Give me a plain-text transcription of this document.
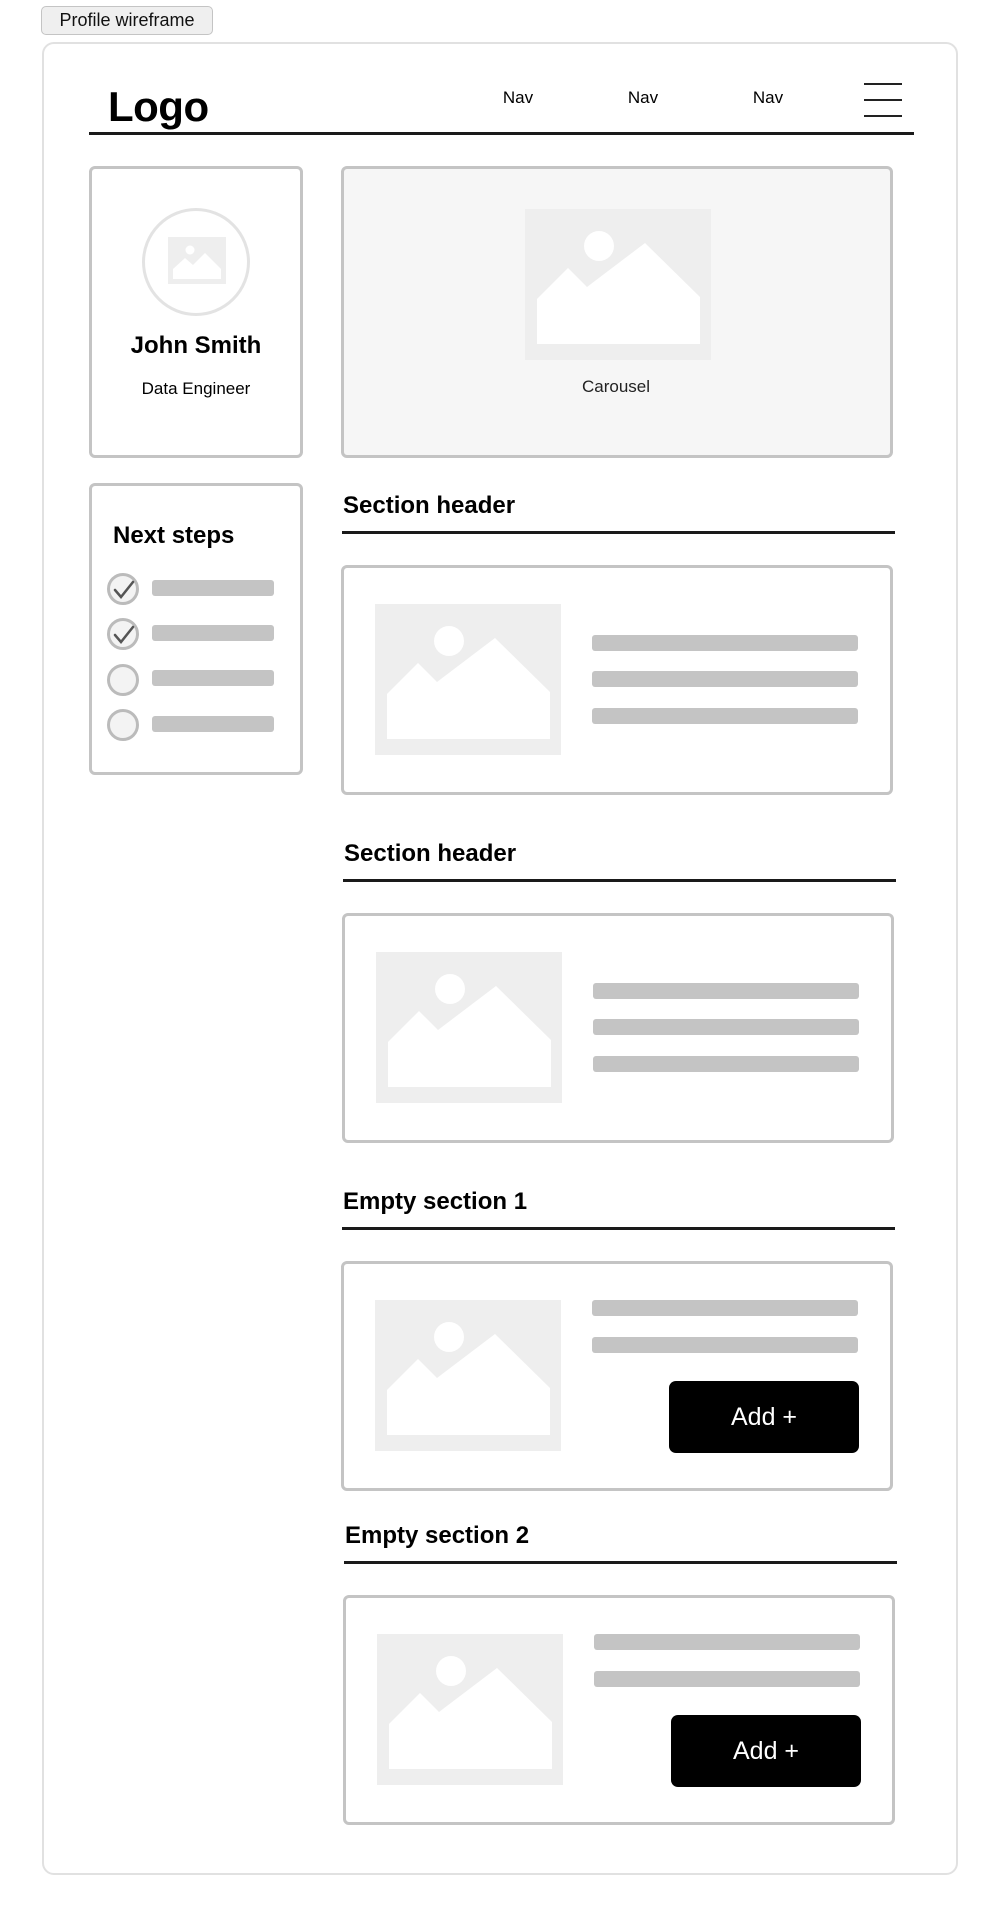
Profile wireframe
Logo	Nav	Nav	Nav
John Smith
Data Engineer	Carousel
Next steps
Section header
Section header
Empty section 1
Add +
Empty section 2
Add +
